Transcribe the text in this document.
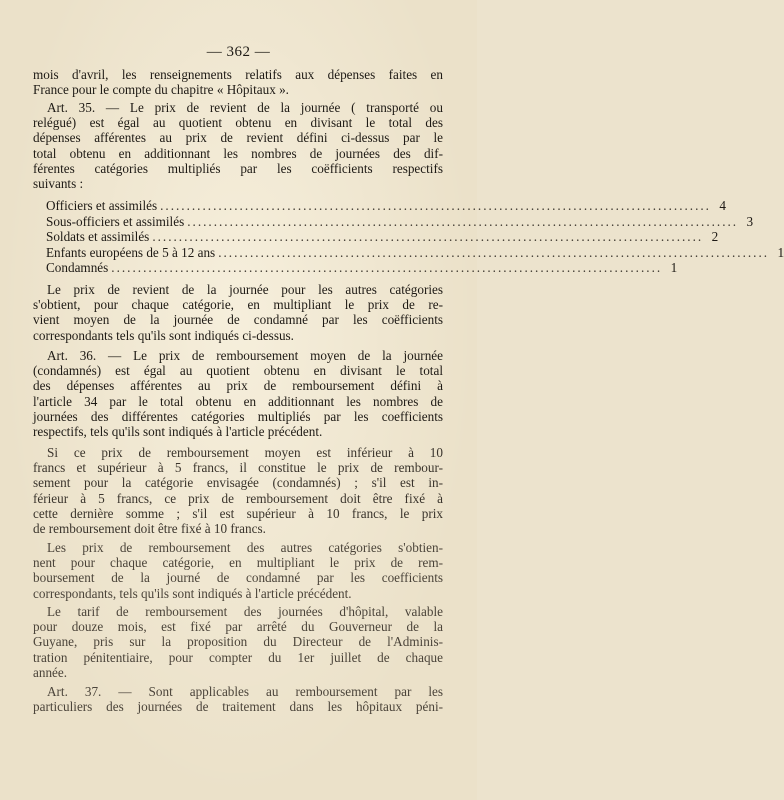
— 362 —
mois d'avril, les renseignements relatifs aux dépenses faites en
France pour le compte du chapitre « Hôpitaux ».
Art. 35. — Le prix de revient de la journée ( transporté ou
relégué) est égal au quotient obtenu en divisant le total des
dépenses afférentes au prix de revient défini ci-dessus par le
total obtenu en additionnant les nombres de journées des dif-
férentes catégories multipliés par les coëfficients respectifs
suivants :
Officiers et assimilés ........................................................................................................ 4
Sous-officiers et assimilés ........................................................................................................ 3
Soldats et assimilés ........................................................................................................ 2
Enfants européens de 5 à 12 ans ........................................................................................................ 1
Condamnés ........................................................................................................ 1
Le prix de revient de la journée pour les autres catégories
s'obtient, pour chaque catégorie, en multipliant le prix de re-
vient moyen de la journée de condamné par les coëfficients
correspondants tels qu'ils sont indiqués ci-dessus.
Art. 36. — Le prix de remboursement moyen de la journée
(condamnés) est égal au quotient obtenu en divisant le total
des dépenses afférentes au prix de remboursement défini à
l'article 34 par le total obtenu en additionnant les nombres de
journées des différentes catégories multipliés par les coefficients
respectifs, tels qu'ils sont indiqués à l'article précédent.
Si ce prix de remboursement moyen est inférieur à 10
francs et supérieur à 5 francs, il constitue le prix de rembour-
sement pour la catégorie envisagée (condamnés) ; s'il est in-
férieur à 5 francs, ce prix de remboursement doit être fixé à
cette dernière somme ; s'il est supérieur à 10 francs, le prix
de remboursement doit être fixé à 10 francs.
Les prix de remboursement des autres catégories s'obtien-
nent pour chaque catégorie, en multipliant le prix de rem-
boursement de la journé de condamné par les coefficients
correspondants, tels qu'ils sont indiqués à l'article précédent.
Le tarif de remboursement des journées d'hôpital, valable
pour douze mois, est fixé par arrêté du Gouverneur de la
Guyane, pris sur la proposition du Directeur de l'Adminis-
tration pénitentiaire, pour compter du 1er juillet de chaque
année.
Art. 37. — Sont applicables au remboursement par les
particuliers des journées de traitement dans les hôpitaux péni-
